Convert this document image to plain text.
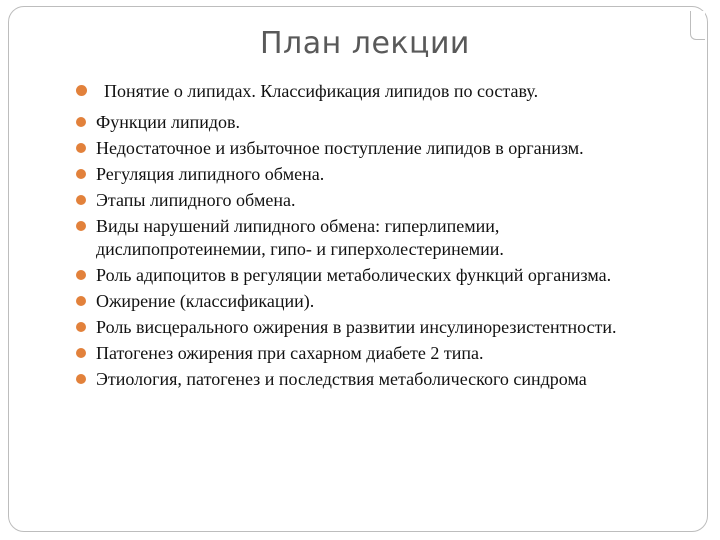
План лекции
Понятие о липидах. Классификация липидов по составу.
Функции липидов.
Недостаточное и избыточное поступление липидов в организм.
Регуляция липидного обмена.
Этапы липидного обмена.
Виды нарушений липидного обмена: гиперлипемии, дислипопротеинемии, гипо- и гиперхолестеринемии.
Роль адипоцитов в регуляции метаболических функций организма.
Ожирение (классификации).
Роль висцерального ожирения в развитии инсулинорезистентности.
Патогенез ожирения при сахарном диабете 2 типа.
Этиология, патогенез и последствия метаболического синдрома
